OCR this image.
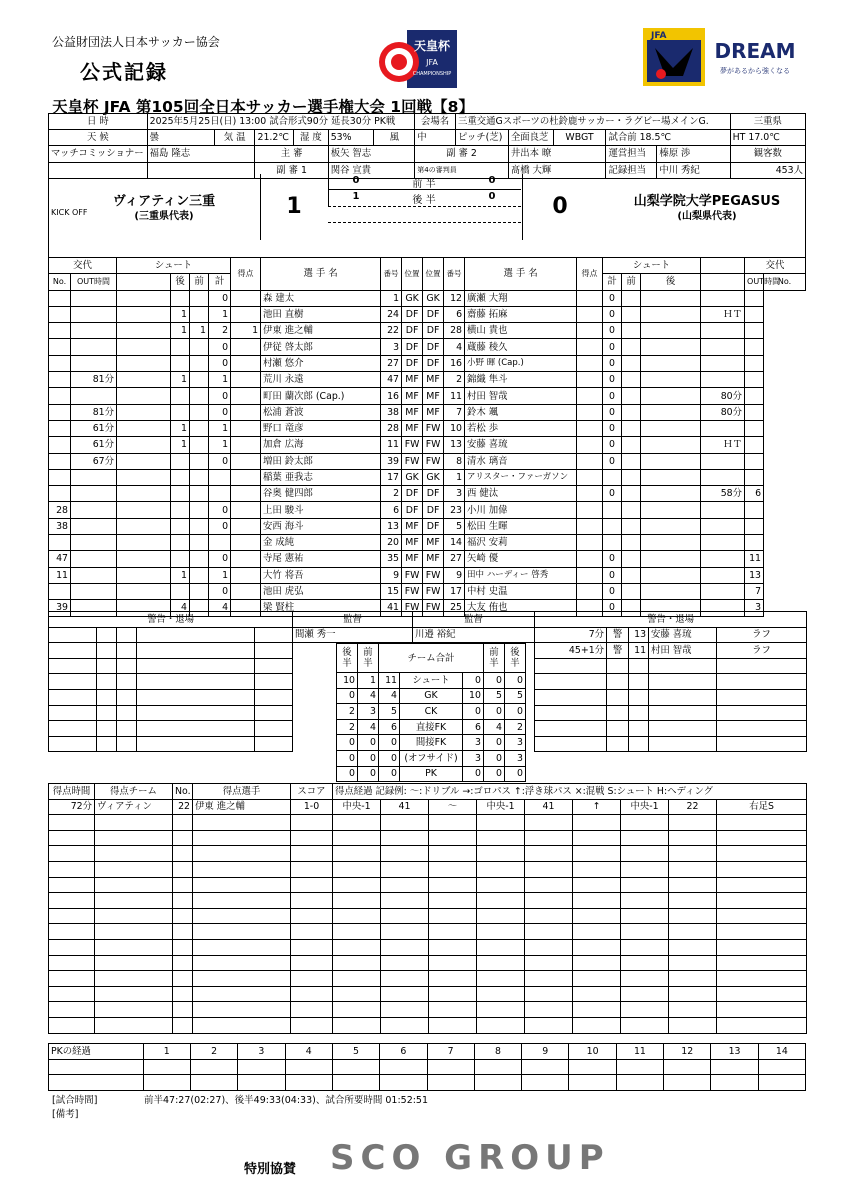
公益財団法人日本サッカー協会
公式記録
天皇杯
JFA
CHAMPIONSHIP
JFA
DREAM
夢があるから強くなる
天皇杯 JFA 第105回全日本サッカー選手権大会 1回戦【8】
日 時	2025年5月25日(日) 13:00 試合形式90分 延長30分 PK戦						会場名	三重交通Gスポーツの杜鈴鹿サッカー・ラグビー場メインG.					三重県
天 候	曇	気 温	21.2℃	湿 度	53%	風	中	ピッチ(芝)	全面良芝	WBGT	試合前 18.5℃		HT 17.0℃
マッチコミッショナー	福島 隆志		主 審		板矢 智志		副 審 2		井出本 暸		運営担当	榛原 渉	観客数
			副 審 1		関谷 宣貴		第4の審判員		髙橋 大輝		記録担当	中川 秀紀	453人
ヴィアティン三重
(三重県代表)
KICK OFF	1	0
0	前 半	0
1	後 半	0	山梨学院大学PEGASUS
(山梨県代表)
交代		シュート				得点	選 手 名	番号	位置	位置	番号	選 手 名	得点	シュート				交代	
No.	OUT時間		後	前	計									計	前	後		OUT時間	No.
					0		森 建太	1	GK	GK	12	廣瀬 大翔		0					
			1		1		池田 直樹	24	DF	DF	6	齋藤 拓麻		0			ＨＴ		
			1	1	2	1	伊東 進之輔	22	DF	DF	28	横山 貴也		0					
					0		伊従 啓太郎	3	DF	DF	4	蔵藤 稜久		0					
					0		村瀬 悠介	27	DF	DF	16	小野 暉 (Cap.)		0					
	81分		1		1		荒川 永遠	47	MF	MF	2	錦織 隼斗		0					
					0		町田 蘭次郎 (Cap.)	16	MF	MF	11	村田 智哉		0			80分		
	81分				0		松浦 蒼波	38	MF	MF	7	鈴木 颯		0			80分		
	61分		1		1		野口 竜彦	28	MF	FW	10	若松 歩		0					
	61分		1		1		加倉 広海	11	FW	FW	13	安藤 喜琉		0			ＨＴ		
	67分				0		増田 鈴太郎	39	FW	FW	8	清水 璃音		0					
							稲葉 亜我志	17	GK	GK	1	アリスター・ファーガソン							
							谷奥 健四郎	2	DF	DF	3	西 健汰		0			58分	6	
28					0		上田 駿斗	6	DF	DF	23	小川 加偉							
38					0		安西 海斗	13	MF	DF	5	松田 生暉							
							金 成純	20	MF	MF	14	福沢 安莉							
47					0		寺尾 憲祐	35	MF	MF	27	矢崎 優		0				11	
11			1		1		大竹 将吾	9	FW	FW	9	田中 ハーディー 啓秀		0				13	
					0		池田 虎弘	15	FW	FW	17	中村 史温		0				7	
39			4		4		梁 賢柱	41	FW	FW	25	大友 侑也		0				3	
警告・退場					監督	監督	警告・退場				
					間瀬 秀一	川邉 裕紀	7分	警	13	安藤 喜琉	ラフ
							45+1分	警	11	村田 智哉	ラフ

後半	前半		チーム合計		前半	後半
10	1	11	シュート	0	0	0
0	4	4	GK	10	5	5
2	3	5	CK	0	0	0
2	4	6	直接FK	6	4	2
0	0	0	間接FK	3	0	3
0	0	0	(オフサイド)	3	0	3
0	0	0	PK	0	0	0
得点時間	得点チーム	No.	得点選手	スコア	得点経過 記録例: ～:ドリブル →:ゴロパス ↑:浮き球パス ×:混戦 S:シュート H:ヘディング								
72分	ヴィアティン	22	伊東 進之輔	1-0	中央-1	41	～	中央-1	41	↑	中央-1	22	右足S

PKの経過	1	2	3	4	5	6	7	8	9	10	11	12	13	14

[試合時間]	前半47:27(02:27)、後半49:33(04:33)、試合所要時間 01:52:51
[備考]
特別協賛 SCO GROUP
